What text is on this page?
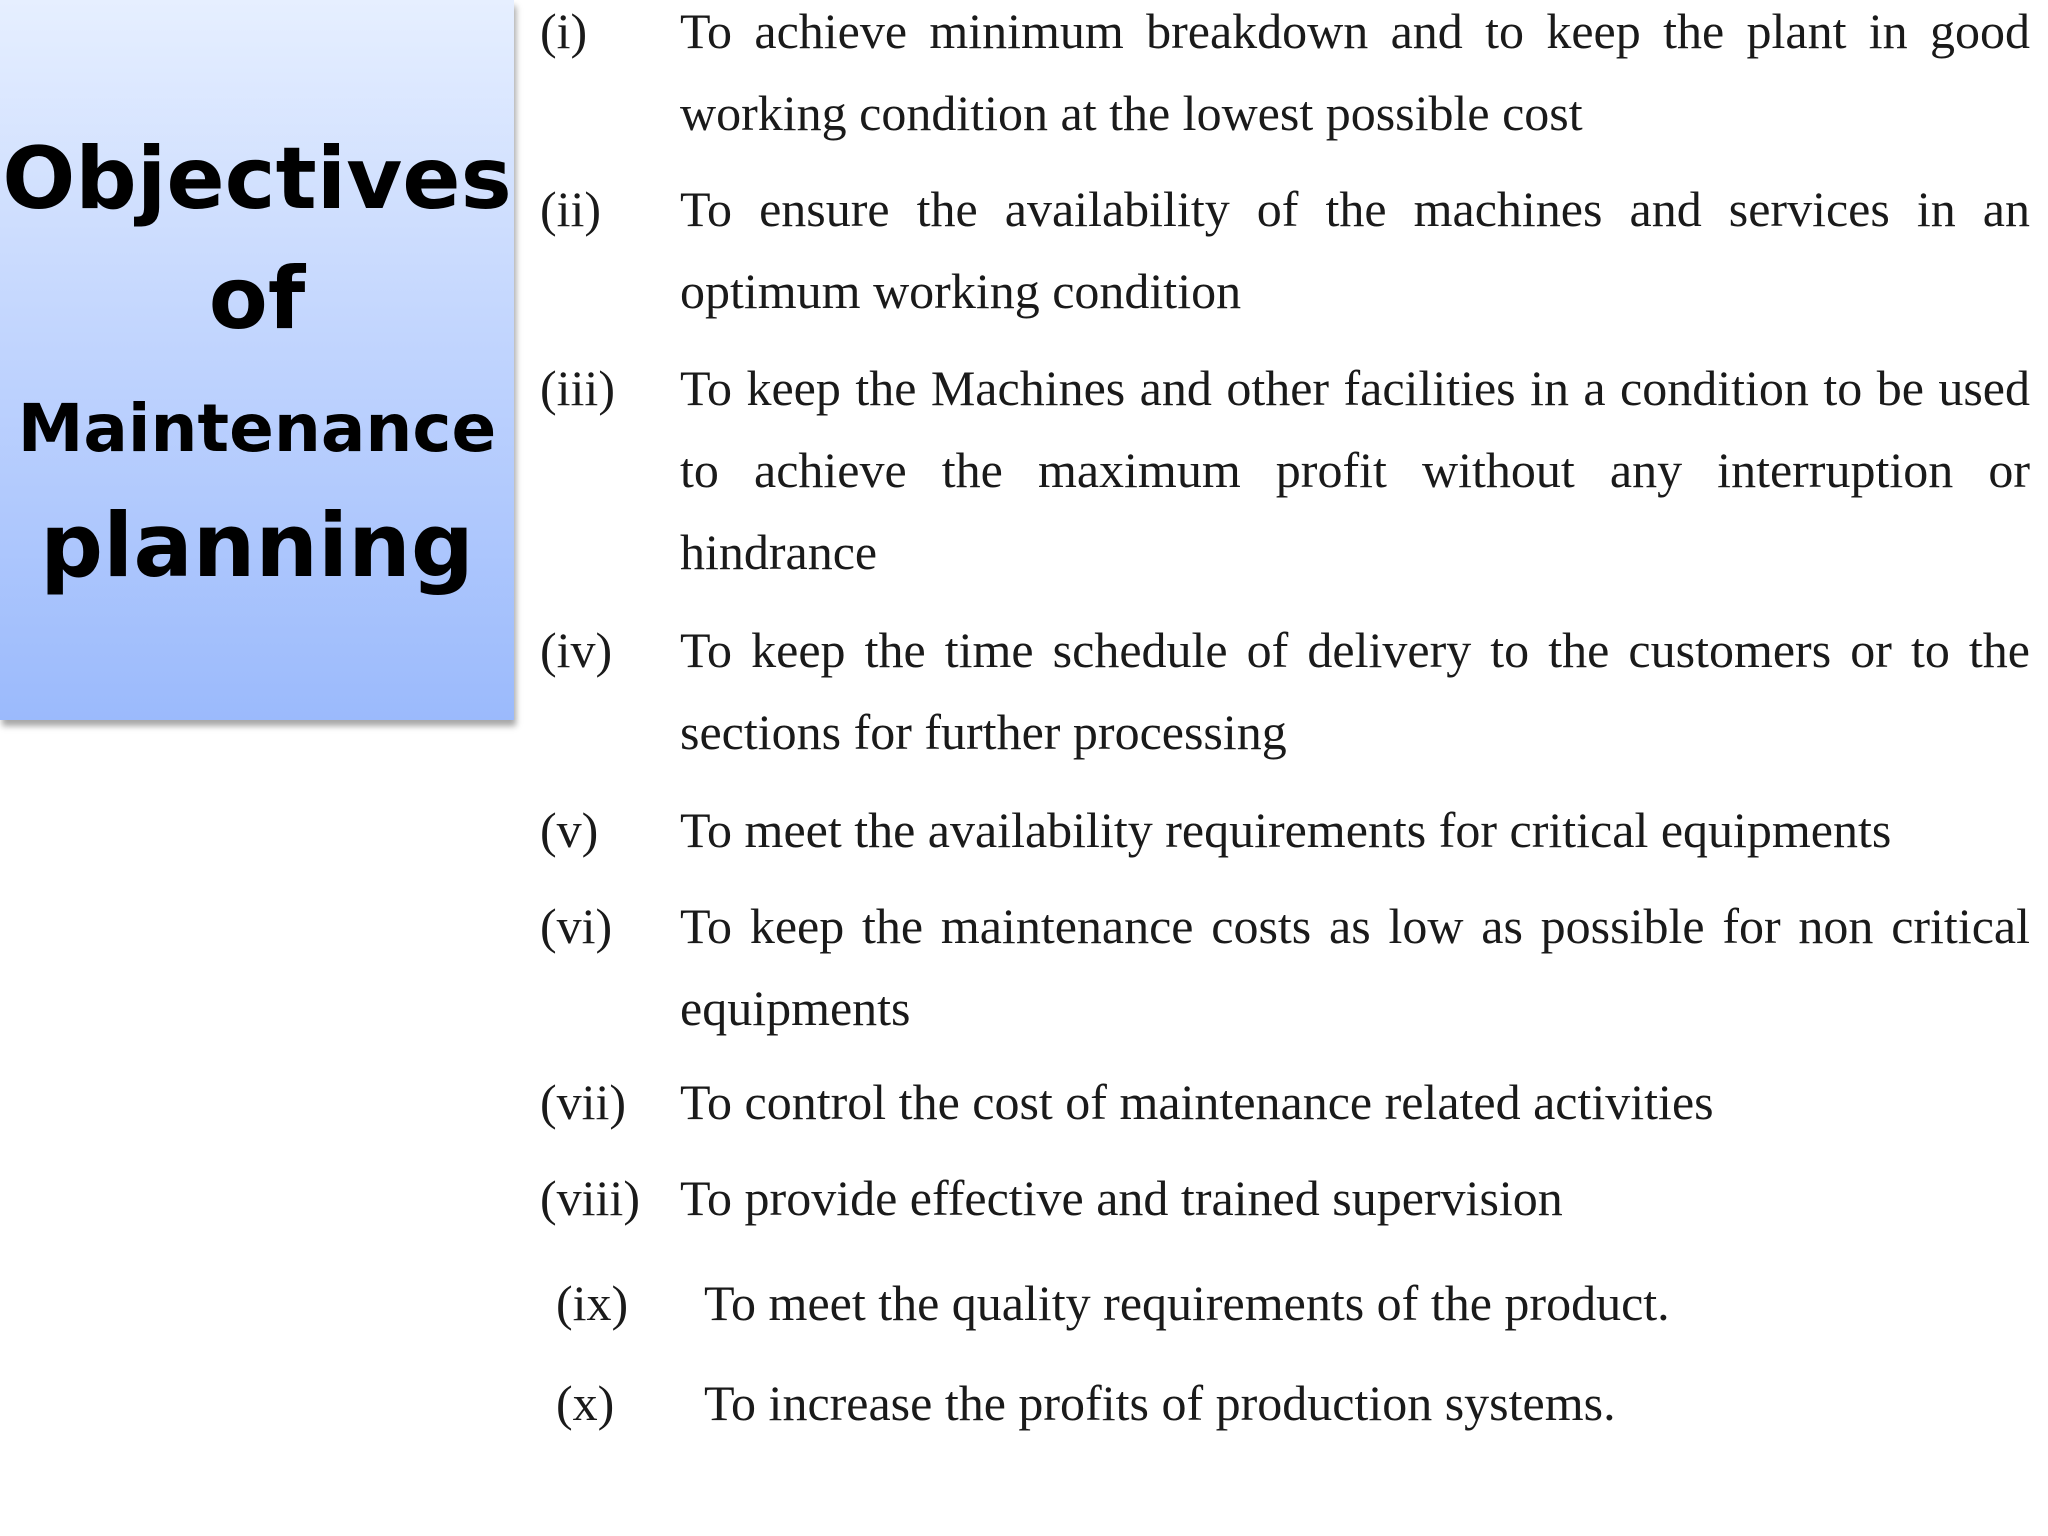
Objectives
of
Maintenance
planning
(i) To achieve minimum breakdown and to keep the plant in good working condition at the lowest possible cost
(ii) To ensure the availability of the machines and services in an optimum working condition
(iii) To keep the Machines and other facilities in a condition to be used to achieve the maximum profit without any interruption or hindrance
(iv) To keep the time schedule of delivery to the customers or to the sections for further processing
(v) To meet the availability requirements for critical equipments
(vi) To keep the maintenance costs as low as possible for non critical equipments
(vii) To control the cost of maintenance related activities
(viii) To provide effective and trained supervision
(ix) To meet the quality requirements of the product.
(x) To increase the profits of production systems.
